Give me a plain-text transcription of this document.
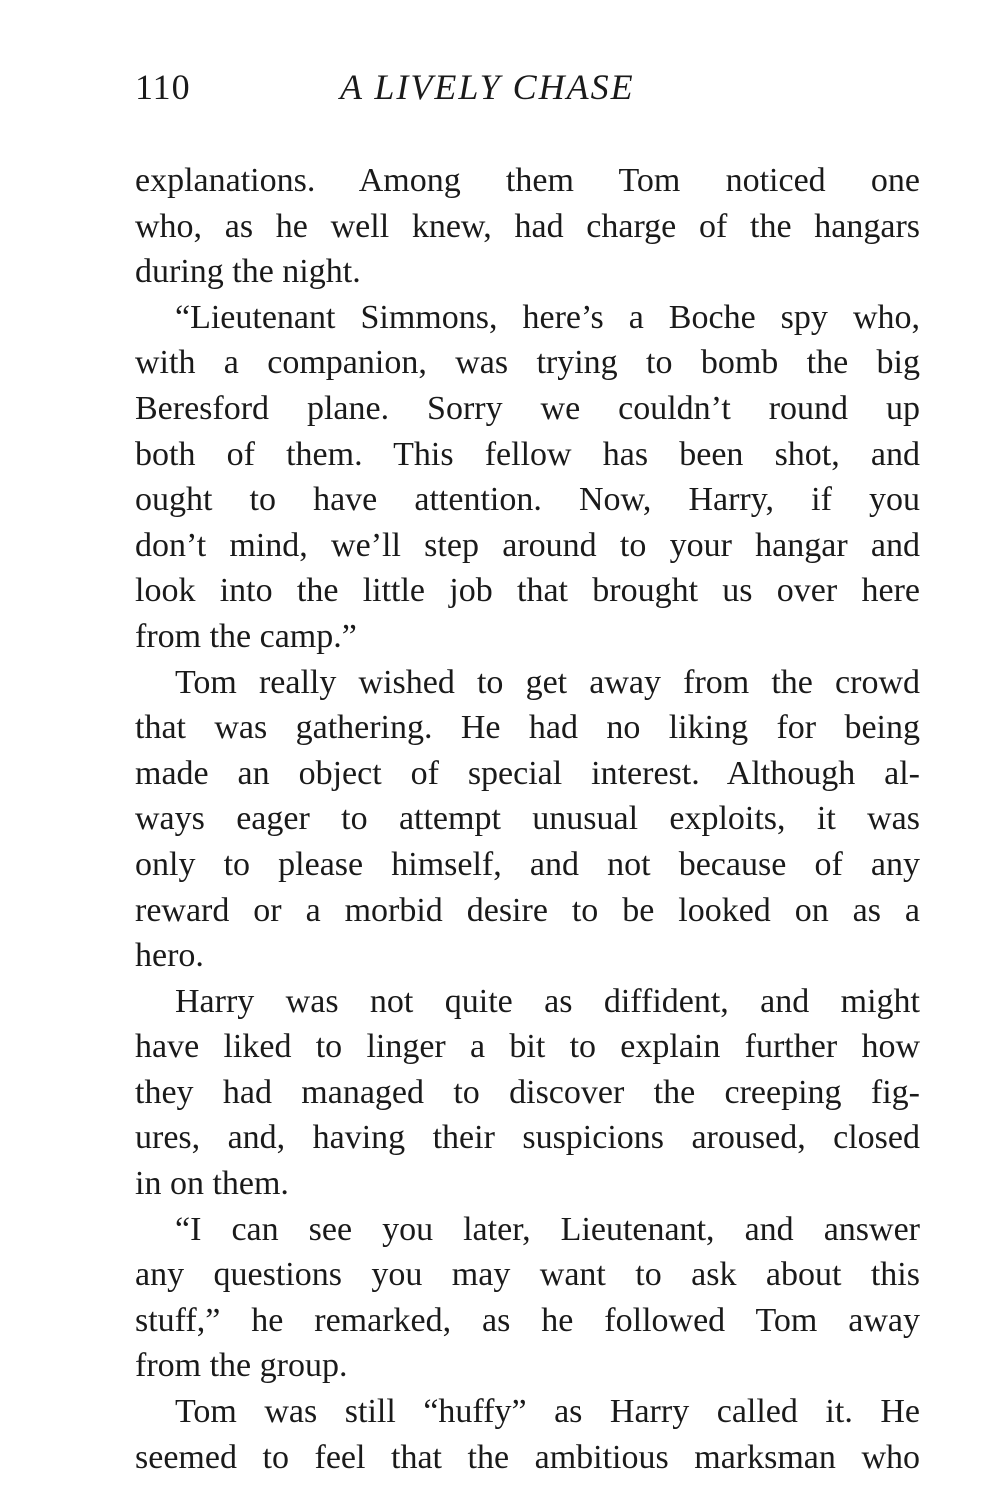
110	A LIVELY CHASE
explanations. Among them Tom noticed one
who, as he well knew, had charge of the hangars
during the night.
“Lieutenant Simmons, here’s a Boche spy who,
with a companion, was trying to bomb the big
Beresford plane. Sorry we couldn’t round up
both of them. This fellow has been shot, and
ought to have attention. Now, Harry, if you
don’t mind, we’ll step around to your hangar and
look into the little job that brought us over here
from the camp.”
Tom really wished to get away from the crowd
that was gathering. He had no liking for being
made an object of special interest. Although al-
ways eager to attempt unusual exploits, it was
only to please himself, and not because of any
reward or a morbid desire to be looked on as a
hero.
Harry was not quite as diffident, and might
have liked to linger a bit to explain further how
they had managed to discover the creeping fig-
ures, and, having their suspicions aroused, closed
in on them.
“I can see you later, Lieutenant, and answer
any questions you may want to ask about this
stuff,” he remarked, as he followed Tom away
from the group.
Tom was still “huffy” as Harry called it. He
seemed to feel that the ambitious marksman who
